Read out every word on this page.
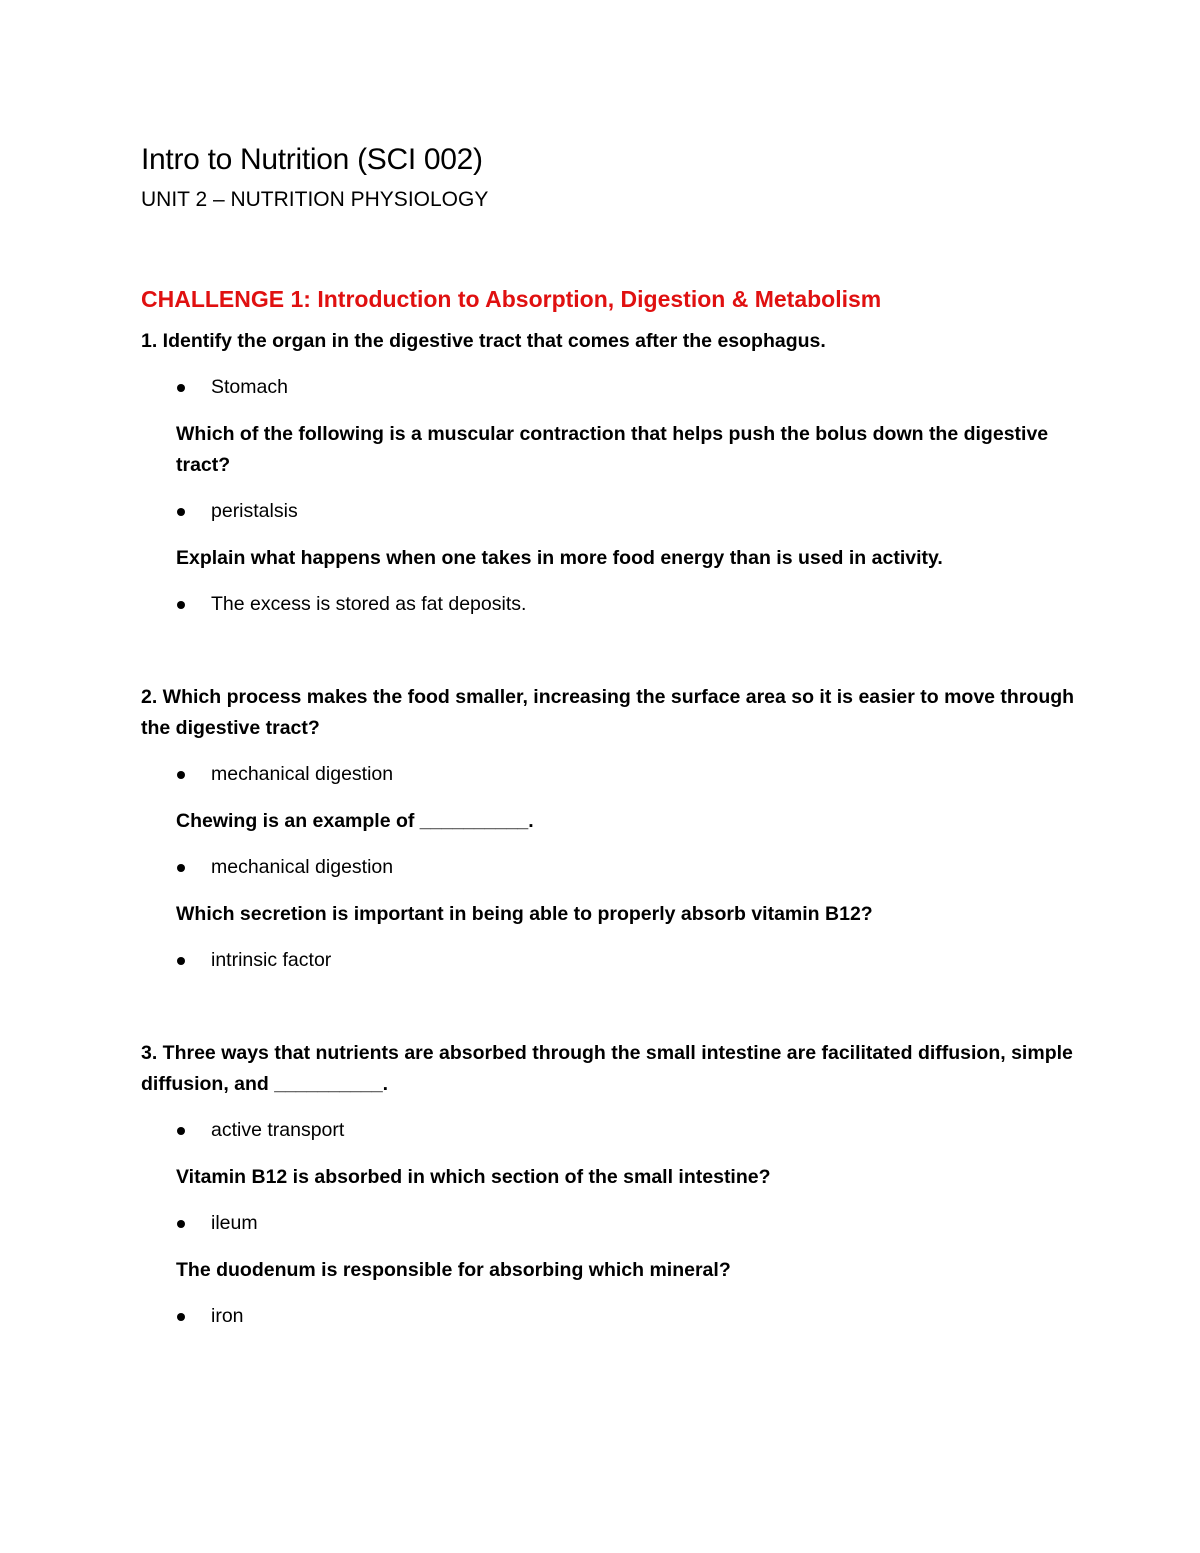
Intro to Nutrition (SCI 002)
UNIT 2 – NUTRITION PHYSIOLOGY
CHALLENGE 1: Introduction to Absorption, Digestion & Metabolism

1. Identify the organ in the digestive tract that comes after the esophagus.

Stomach

Which of the following is a muscular contraction that helps push the bolus down the digestive tract?

peristalsis

Explain what happens when one takes in more food energy than is used in activity.

The excess is stored as fat deposits.

2. Which process makes the food smaller, increasing the surface area so it is easier to move through the digestive tract?

mechanical digestion

Chewing is an example of __________.

mechanical digestion

Which secretion is important in being able to properly absorb vitamin B12?

intrinsic factor

3. Three ways that nutrients are absorbed through the small intestine are facilitated diffusion, simple diffusion, and __________.

active transport

Vitamin B12 is absorbed in which section of the small intestine?

ileum

The duodenum is responsible for absorbing which mineral?

iron
